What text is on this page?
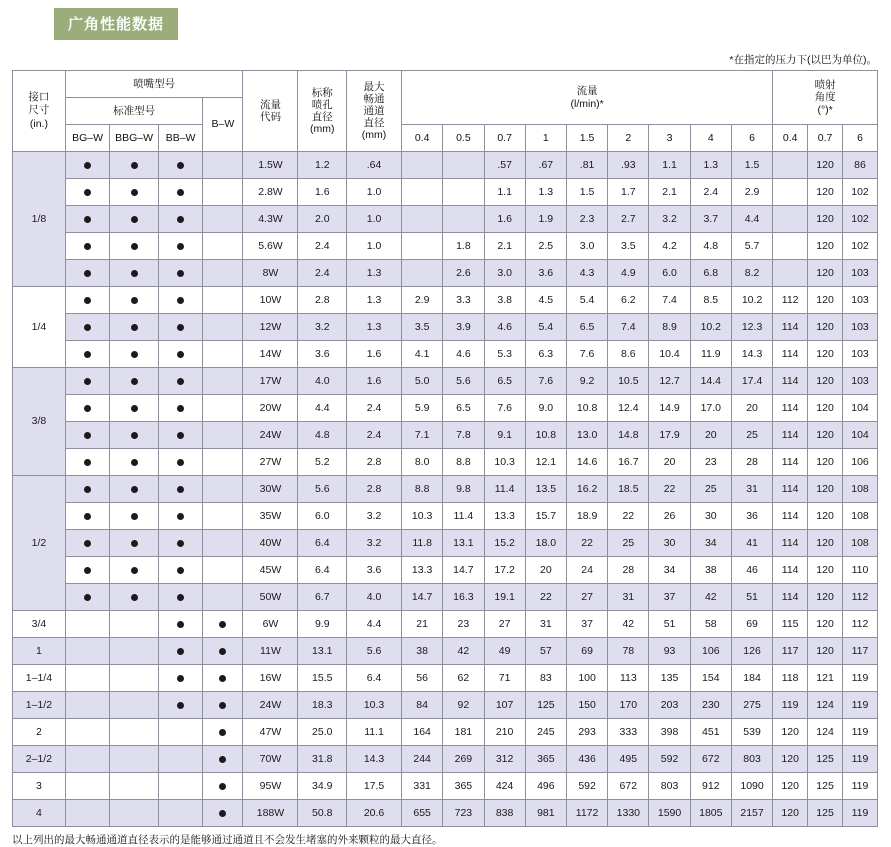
广角性能数据
*在指定的压力下(以巴为单位)。
接口
尺寸
(in.)
	喷嘴型号	
流量
代码

标称
喷孔
直径
(mm)

最大
畅通
通道
直径
(mm)

流量
(l/min)*

喷射
角度
(°)*

	标准型号			B–W															
	BG–W	BBG–W	BB–W					0.4	0.5	0.7	1	1.5	2	3	4	6	0.4	0.7	6
1/8					1.5W	1.2	.64			.57	.67	.81	.93	1.1	1.3	1.5		120	86
					2.8W	1.6	1.0			1.1	1.3	1.5	1.7	2.1	2.4	2.9		120	102
					4.3W	2.0	1.0			1.6	1.9	2.3	2.7	3.2	3.7	4.4		120	102
					5.6W	2.4	1.0		1.8	2.1	2.5	3.0	3.5	4.2	4.8	5.7		120	102
					8W	2.4	1.3		2.6	3.0	3.6	4.3	4.9	6.0	6.8	8.2		120	103
1/4					10W	2.8	1.3	2.9	3.3	3.8	4.5	5.4	6.2	7.4	8.5	10.2	112	120	103
					12W	3.2	1.3	3.5	3.9	4.6	5.4	6.5	7.4	8.9	10.2	12.3	114	120	103
					14W	3.6	1.6	4.1	4.6	5.3	6.3	7.6	8.6	10.4	11.9	14.3	114	120	103
3/8					17W	4.0	1.6	5.0	5.6	6.5	7.6	9.2	10.5	12.7	14.4	17.4	114	120	103
					20W	4.4	2.4	5.9	6.5	7.6	9.0	10.8	12.4	14.9	17.0	20	114	120	104
					24W	4.8	2.4	7.1	7.8	9.1	10.8	13.0	14.8	17.9	20	25	114	120	104
					27W	5.2	2.8	8.0	8.8	10.3	12.1	14.6	16.7	20	23	28	114	120	106
1/2					30W	5.6	2.8	8.8	9.8	11.4	13.5	16.2	18.5	22	25	31	114	120	108
					35W	6.0	3.2	10.3	11.4	13.3	15.7	18.9	22	26	30	36	114	120	108
					40W	6.4	3.2	11.8	13.1	15.2	18.0	22	25	30	34	41	114	120	108
					45W	6.4	3.6	13.3	14.7	17.2	20	24	28	34	38	46	114	120	110
					50W	6.7	4.0	14.7	16.3	19.1	22	27	31	37	42	51	114	120	112
3/4					6W	9.9	4.4	21	23	27	31	37	42	51	58	69	115	120	112
1					11W	13.1	5.6	38	42	49	57	69	78	93	106	126	117	120	117
1–1/4					16W	15.5	6.4	56	62	71	83	100	113	135	154	184	118	121	119
1–1/2					24W	18.3	10.3	84	92	107	125	150	170	203	230	275	119	124	119
2					47W	25.0	11.1	164	181	210	245	293	333	398	451	539	120	124	119
2–1/2					70W	31.8	14.3	244	269	312	365	436	495	592	672	803	120	125	119
3					95W	34.9	17.5	331	365	424	496	592	672	803	912	1090	120	125	119
4					188W	50.8	20.6	655	723	838	981	1172	1330	1590	1805	2157	120	125	119
以上列出的最大畅通通道直径表示的是能够通过通道且不会发生堵塞的外来颗粒的最大直径。
